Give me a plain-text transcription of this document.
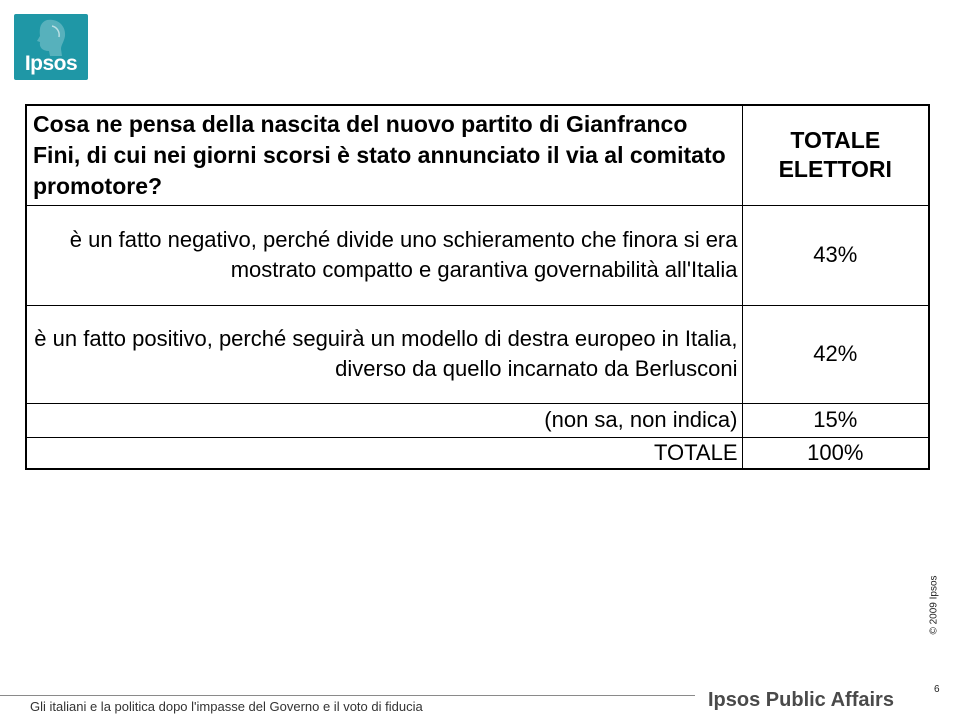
Ipsos
Cosa ne pensa della nascita del nuovo partito di Gianfranco Fini, di cui nei giorni scorsi è stato annunciato il via al comitato promotore?	TOTALE
ELETTORI

è un fatto negativo, perché divide uno schieramento che finora si era mostrato compatto e garantiva governabilità all'Italia	43%
è un fatto positivo, perché seguirà un modello di destra europeo in Italia, diverso da quello incarnato da Berlusconi	42%
(non sa, non indica)	15%
TOTALE	100%
© 2009 Ipsos
6
Gli italiani e la politica dopo l'impasse del Governo e il voto di fiducia	Ipsos Public Affairs
